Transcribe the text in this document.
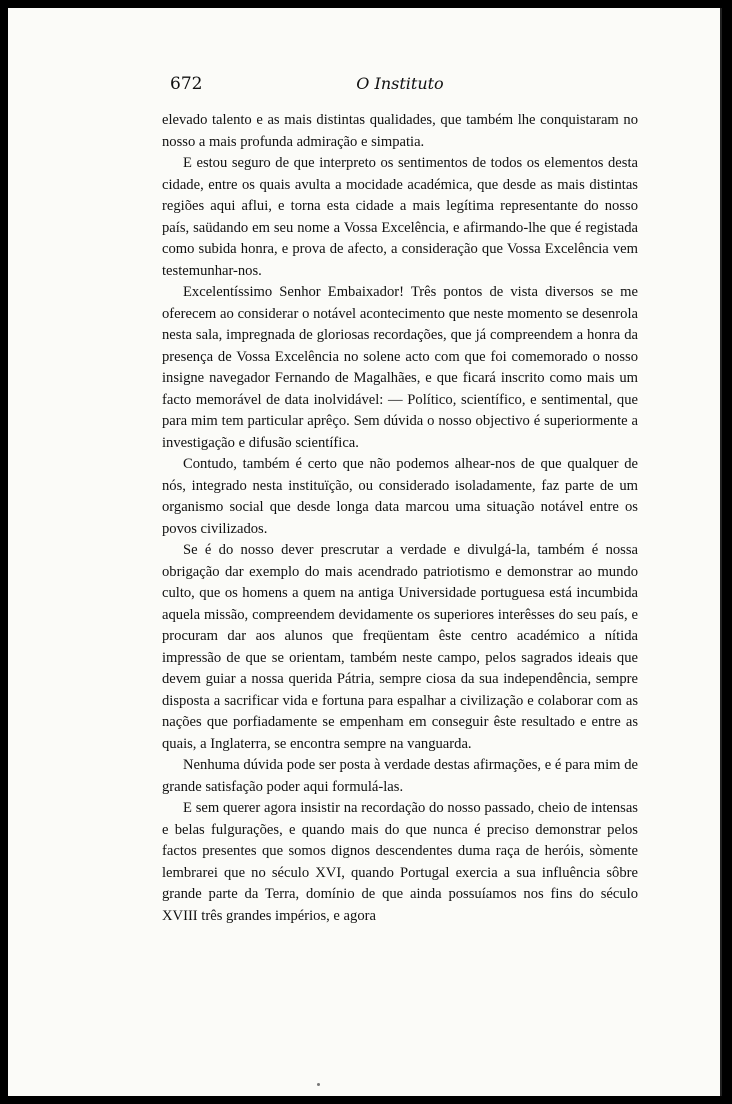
672	O Instituto

elevado talento e as mais distintas qualidades, que também lhe conquistaram no nosso a mais profunda admiração e simpatia.

E estou seguro de que interpreto os sentimentos de todos os elementos desta cidade, entre os quais avulta a mocidade académica, que desde as mais distintas regiões aqui aflui, e torna esta cidade a mais legítima representante do nosso país, saüdando em seu nome a Vossa Excelência, e afirmando-lhe que é registada como subida honra, e prova de afecto, a consideração que Vossa Excelência vem testemunhar-nos.

Excelentíssimo Senhor Embaixador! Três pontos de vista diversos se me oferecem ao considerar o notável acontecimento que neste momento se desenrola nesta sala, impregnada de gloriosas recordações, que já compreendem a honra da presença de Vossa Excelência no solene acto com que foi comemorado o nosso insigne navegador Fernando de Magalhães, e que ficará inscrito como mais um facto memorável de data inolvidável: — Político, scientífico, e sentimental, que para mim tem particular aprêço. Sem dúvida o nosso objectivo é superiormente a investigação e difusão scientífica.

Contudo, também é certo que não podemos alhear-nos de que qualquer de nós, integrado nesta instituïção, ou considerado isoladamente, faz parte de um organismo social que desde longa data marcou uma situação notável entre os povos civilizados.

Se é do nosso dever prescrutar a verdade e divulgá-la, também é nossa obrigação dar exemplo do mais acendrado patriotismo e demonstrar ao mundo culto, que os homens a quem na antiga Universidade portuguesa está incumbida aquela missão, compreendem devidamente os superiores interêsses do seu país, e procuram dar aos alunos que freqüentam êste centro académico a nítida impressão de que se orientam, também neste campo, pelos sagrados ideais que devem guiar a nossa querida Pátria, sempre ciosa da sua independência, sempre disposta a sacrificar vida e fortuna para espalhar a civilização e colaborar com as nações que porfiadamente se empenham em conseguir êste resultado e entre as quais, a Inglaterra, se encontra sempre na vanguarda.

Nenhuma dúvida pode ser posta à verdade destas afirmações, e é para mim de grande satisfação poder aqui formulá-las.

E sem querer agora insistir na recordação do nosso passado, cheio de intensas e belas fulgurações, e quando mais do que nunca é preciso demonstrar pelos factos presentes que somos dignos descendentes duma raça de heróis, sòmente lembrarei que no século XVI, quando Portugal exercia a sua influência sôbre grande parte da Terra, domínio de que ainda possuíamos nos fins do século XVIII três grandes impérios, e agora
